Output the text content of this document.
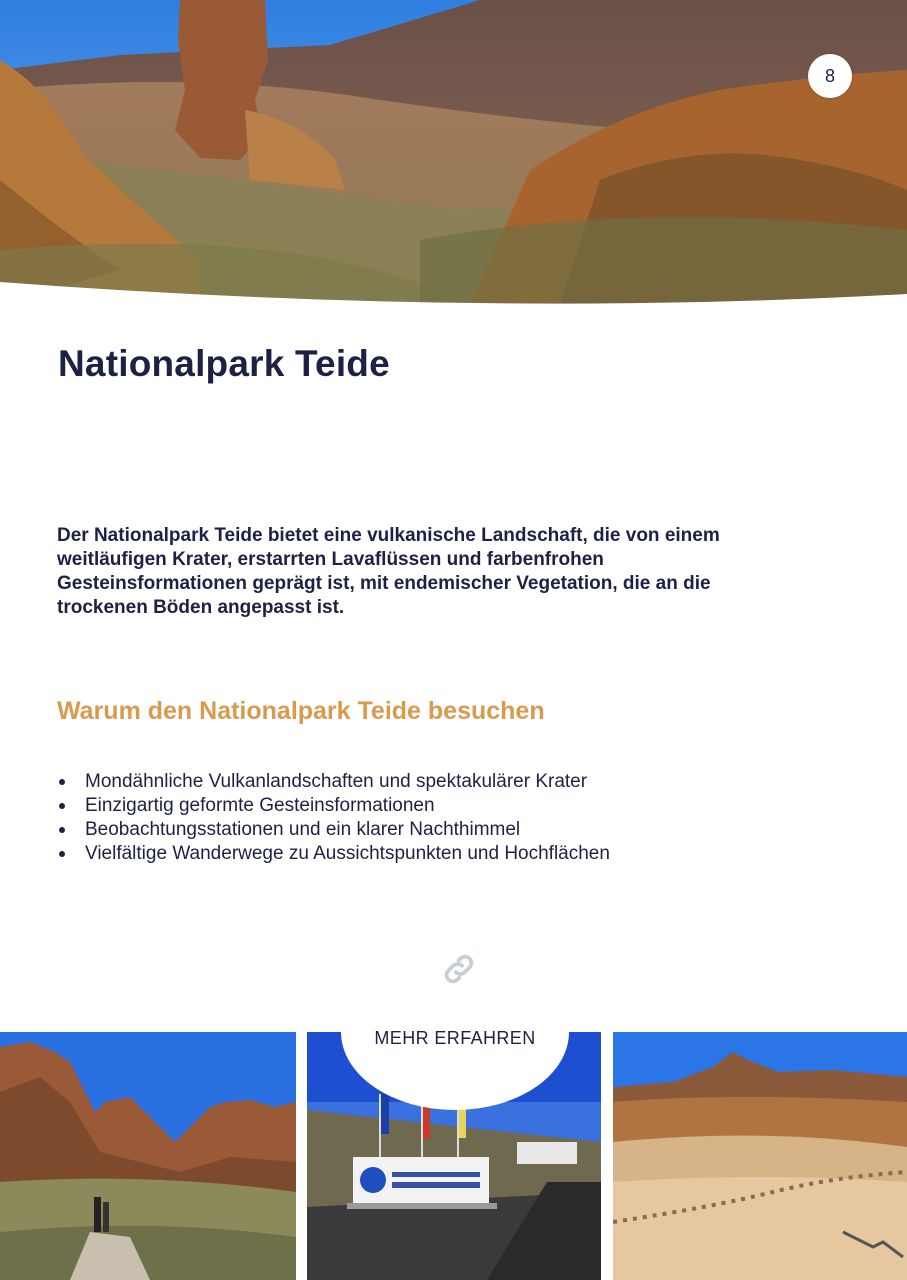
8
Nationalpark Teide

Der Nationalpark Teide bietet eine vulkanische Landschaft, die von einem weitläufigen Krater, erstarrten Lavaflüssen und farbenfrohen Gesteinsformationen geprägt ist, mit endemischer Vegetation, die an die trockenen Böden angepasst ist.

Warum den Nationalpark Teide besuchen
Mondähnliche Vulkanlandschaften und spektakulärer Krater
Einzigartig geformte Gesteinsformationen
Beobachtungsstationen und ein klarer Nachthimmel
Vielfältige Wanderwege zu Aussichtspunkten und Hochflächen
MEHR ERFAHREN
